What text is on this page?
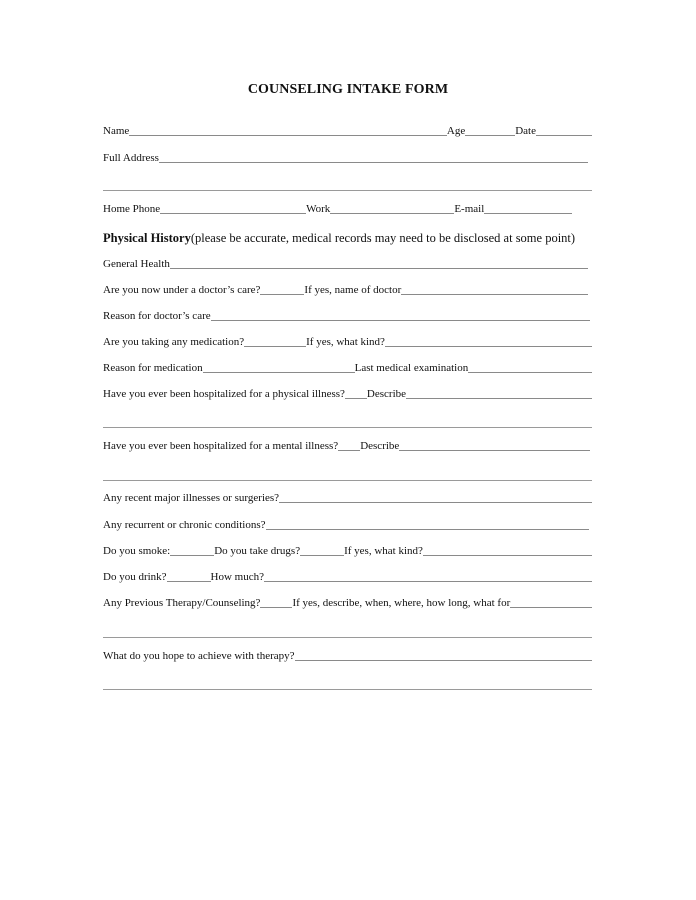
COUNSELING INTAKE FORM
Name	Age	Date
Full Address
Home Phone	Work	E-mail
Physical History (please be accurate, medical records may need to be disclosed at some point)
General Health
Are you now under a doctor’s care?	If yes, name of doctor
Reason for doctor’s care
Are you taking any medication?	If yes, what kind?
Reason for medication	Last medical examination
Have you ever been hospitalized for a physical illness? Describe
Have you ever been hospitalized for a mental illness? Describe
Any recent major illnesses or surgeries?
Any recurrent or chronic conditions?
Do you smoke:	Do you take drugs?	If yes, what kind?
Do you drink?	How much?
Any Previous Therapy/Counseling?	If yes, describe, when, where, how long, what for
What do you hope to achieve with therapy?
